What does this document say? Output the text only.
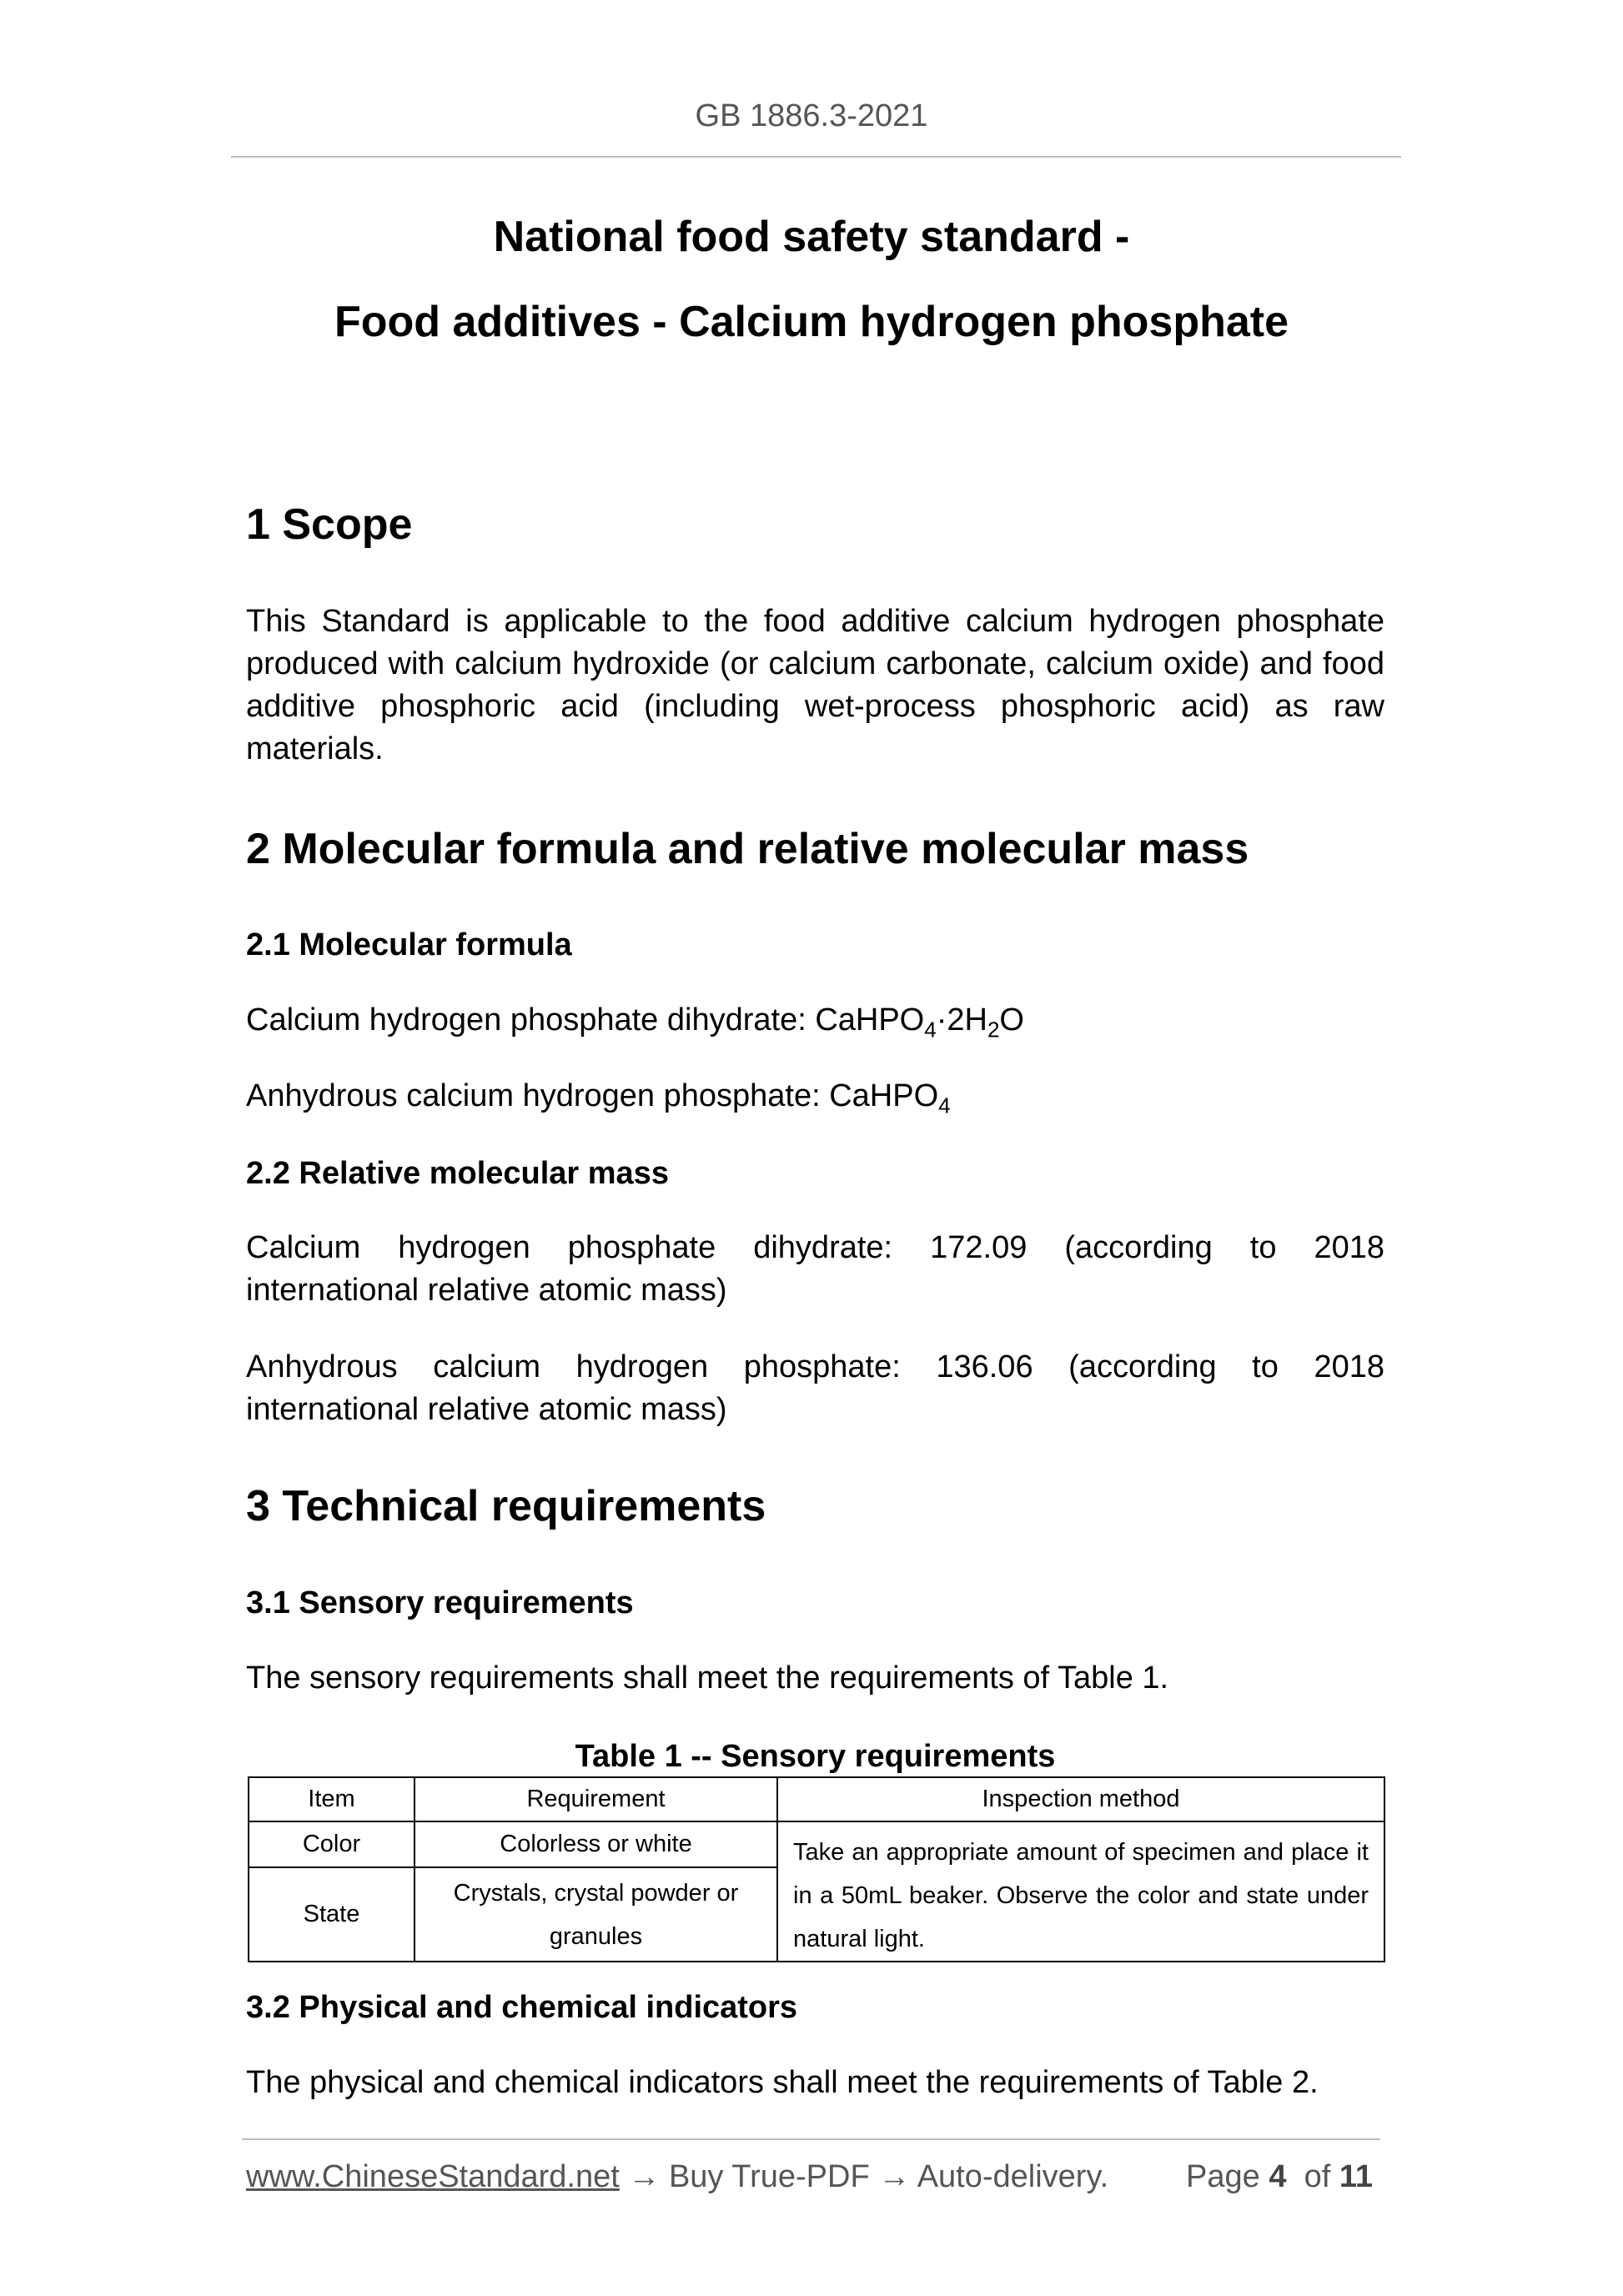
GB 1886.3-2021
National food safety standard -
Food additives - Calcium hydrogen phosphate
1 Scope
This Standard is applicable to the food additive calcium hydrogen phosphate produced with calcium hydroxide (or calcium carbonate, calcium oxide) and food additive phosphoric acid (including wet-process phosphoric acid) as raw materials.
2 Molecular formula and relative molecular mass
2.1 Molecular formula
Calcium hydrogen phosphate dihydrate: $CaHPO_4\cdot 2H_2O$
Anhydrous calcium hydrogen phosphate: CaHPO$_4$
2.2 Relative molecular mass
Calcium hydrogen phosphate dihydrate: 172.09 (according to 2018
international relative atomic mass)
Anhydrous calcium hydrogen phosphate: 136.06 (according to 2018
international relative atomic mass)
3 Technical requirements
3.1 Sensory requirements
The sensory requirements shall meet the requirements of Table 1.
Table 1 -- Sensory requirements
Item	Requirement	Inspection method
Color	Colorless or white	Take an appropriate amount of specimen and place it in a 50mL beaker. Observe the color and state under natural light.
State	Crystals, crystal powder or granules	
3.2 Physical and chemical indicators
The physical and chemical indicators shall meet the requirements of Table 2.
www.ChineseStandard.net → Buy True-PDF → Auto-delivery. Page 4 of 11
